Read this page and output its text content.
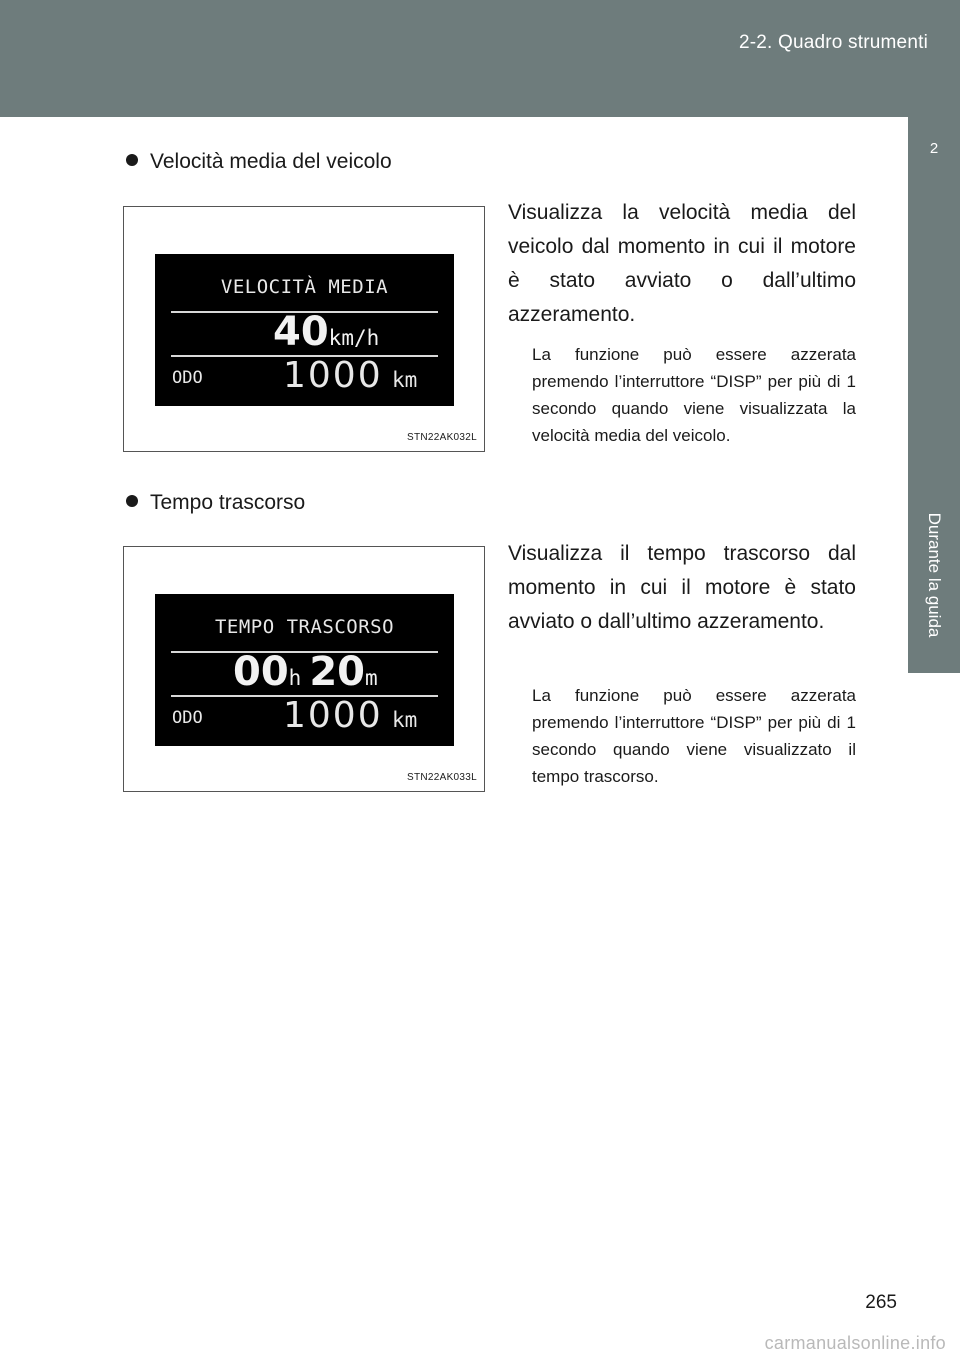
2-2. Quadro strumenti
2
Durante la guida
Velocità media del veicolo
VELOCITÀ MEDIA
40km/h
ODO 1000 km
STN22AK032L
Visualizza la velocità media del veicolo dal momento in cui il motore è stato avviato o dall’ultimo azzeramento.
La funzione può essere azzerata premendo l’interruttore “DISP” per più di 1 secondo quando viene visualizzata la velocità media del veicolo.
Tempo trascorso
TEMPO TRASCORSO
00h 20m
ODO 1000 km
STN22AK033L
Visualizza il tempo trascorso dal momento in cui il motore è stato avviato o dall’ultimo azzeramento.
La funzione può essere azzerata premendo l’interruttore “DISP” per più di 1 secondo quando viene visualizzato il tempo trascorso.
265
carmanualsonline.info
